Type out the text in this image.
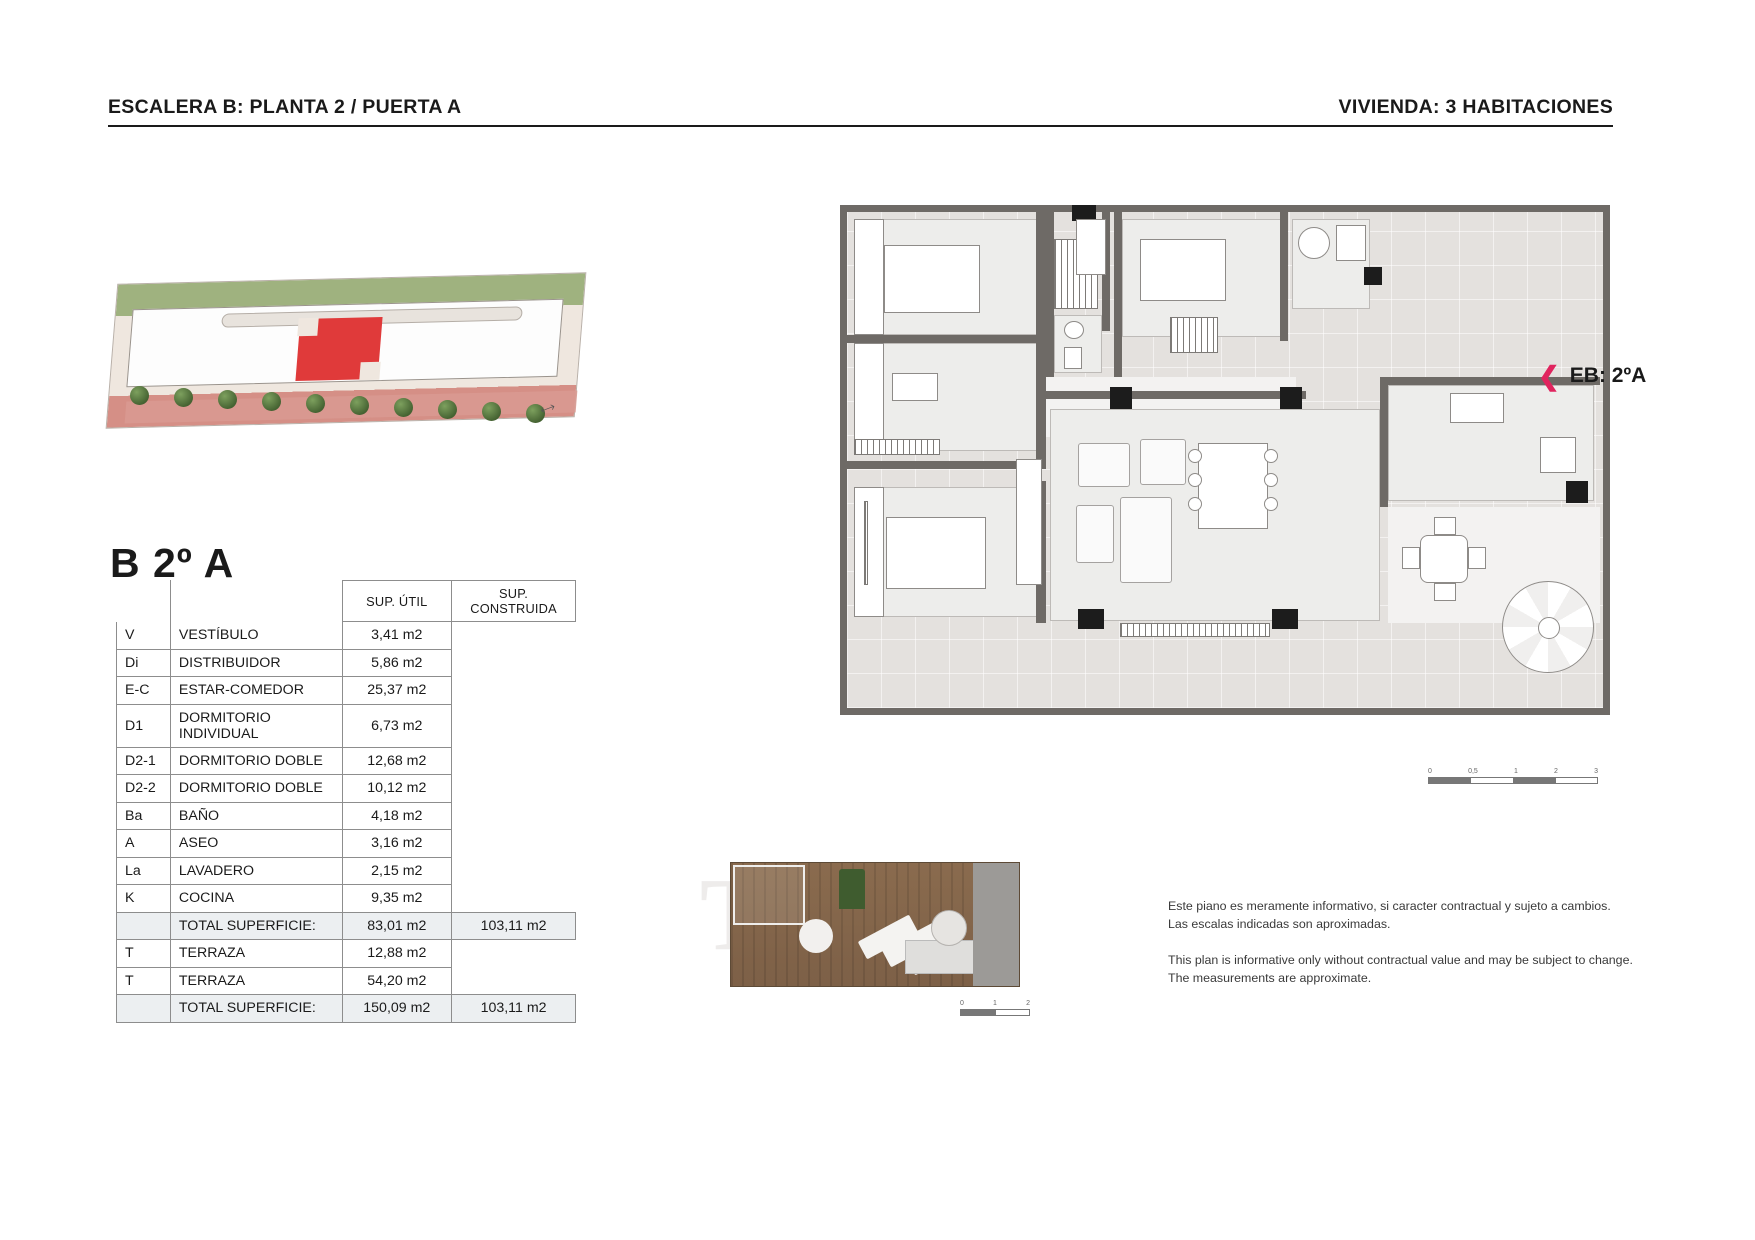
ESCALERA B: PLANTA 2 / PUERTA A	VIVIENDA: 3 HABITACIONES
⤢
B 2º A
		SUP. ÚTIL	SUP. CONSTRUIDA
V	VESTÍBULO	3,41 m2	
Di	DISTRIBUIDOR	5,86 m2	
E-C	ESTAR-COMEDOR	25,37 m2	
D1	DORMITORIO INDIVIDUAL	6,73 m2	
D2-1	DORMITORIO DOBLE	12,68 m2	
D2-2	DORMITORIO DOBLE	10,12 m2	
Ba	BAÑO	4,18 m2	
A	ASEO	3,16 m2	
La	LAVADERO	2,15 m2	
K	COCINA	9,35 m2	
	TOTAL SUPERFICIE:	83,01 m2	103,11 m2
T	TERRAZA	12,88 m2	
T	TERRAZA	54,20 m2	
	TOTAL SUPERFICIE:	150,09 m2	103,11 m2
❮ EB: 2ºA
0	0,5	1	2	3
0	1	2

Este piano es meramente informativo, si caracter contractual y sujeto a cambios.
Las escalas indicadas son aproximadas.

This plan is informative only without contractual value and may be subject to change.
The measurements are approximate.
